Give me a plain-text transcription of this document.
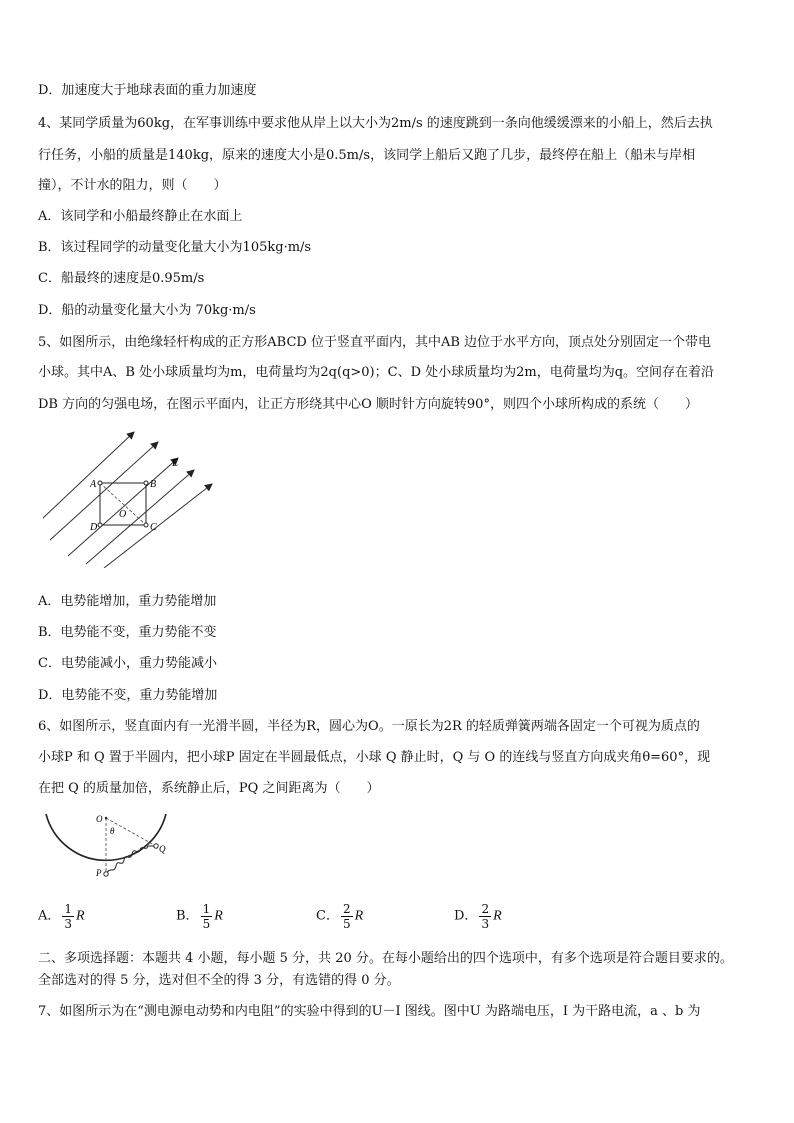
D．加速度大于地球表面的重力加速度
4、某同学质量为60kg，在军事训练中要求他从岸上以大小为2m/s 的速度跳到一条向他缓缓漂来的小船上，然后去执
行任务，小船的质量是140kg，原来的速度大小是0.5m/s，该同学上船后又跑了几步，最终停在船上（船未与岸相
撞），不计水的阻力，则（　　）
A．该同学和小船最终静止在水面上
B．该过程同学的动量变化量大小为105kg·m/s
C．船最终的速度是0.95m/s
D．船的动量变化量大小为 70kg·m/s
5、如图所示，由绝缘轻杆构成的正方形ABCD 位于竖直平面内，其中AB 边位于水平方向，顶点处分别固定一个带电
小球。其中A、B 处小球质量均为m，电荷量均为2q(q>0)；C、D 处小球质量均为2m，电荷量均为q。空间存在着沿
DB 方向的匀强电场，在图示平面内，让正方形绕其中心O 顺时针方向旋转90°，则四个小球所构成的系统（　　）
E
A	B
C
D
O
A．电势能增加，重力势能增加
B．电势能不变，重力势能不变
C．电势能减小，重力势能减小
D．电势能不变，重力势能增加
6、如图所示，竖直面内有一光滑半圆，半径为R，圆心为O。一原长为2R 的轻质弹簧两端各固定一个可视为质点的
小球P 和 Q 置于半圆内，把小球P 固定在半圆最低点，小球 Q 静止时，Q 与 O 的连线与竖直方向成夹角θ=60°，现
在把 Q 的质量加倍，系统静止后，PQ 之间距离为（　　）
O
θ
P
Q
A． $\frac{1}{3}$ R	B． $\frac{1}{5}$ R	C． $\frac{2}{5}$ R	D． $\frac{2}{3}$ R
二、多项选择题：本题共 4 小题，每小题 5 分，共 20 分。在每小题给出的四个选项中，有多个选项是符合题目要求的。
全部选对的得 5 分，选对但不全的得 3 分，有选错的得 0 分。
7、如图所示为在“测电源电动势和内电阻”的实验中得到的U－I 图线。图中U 为路端电压，I 为干路电流，a 、b 为
